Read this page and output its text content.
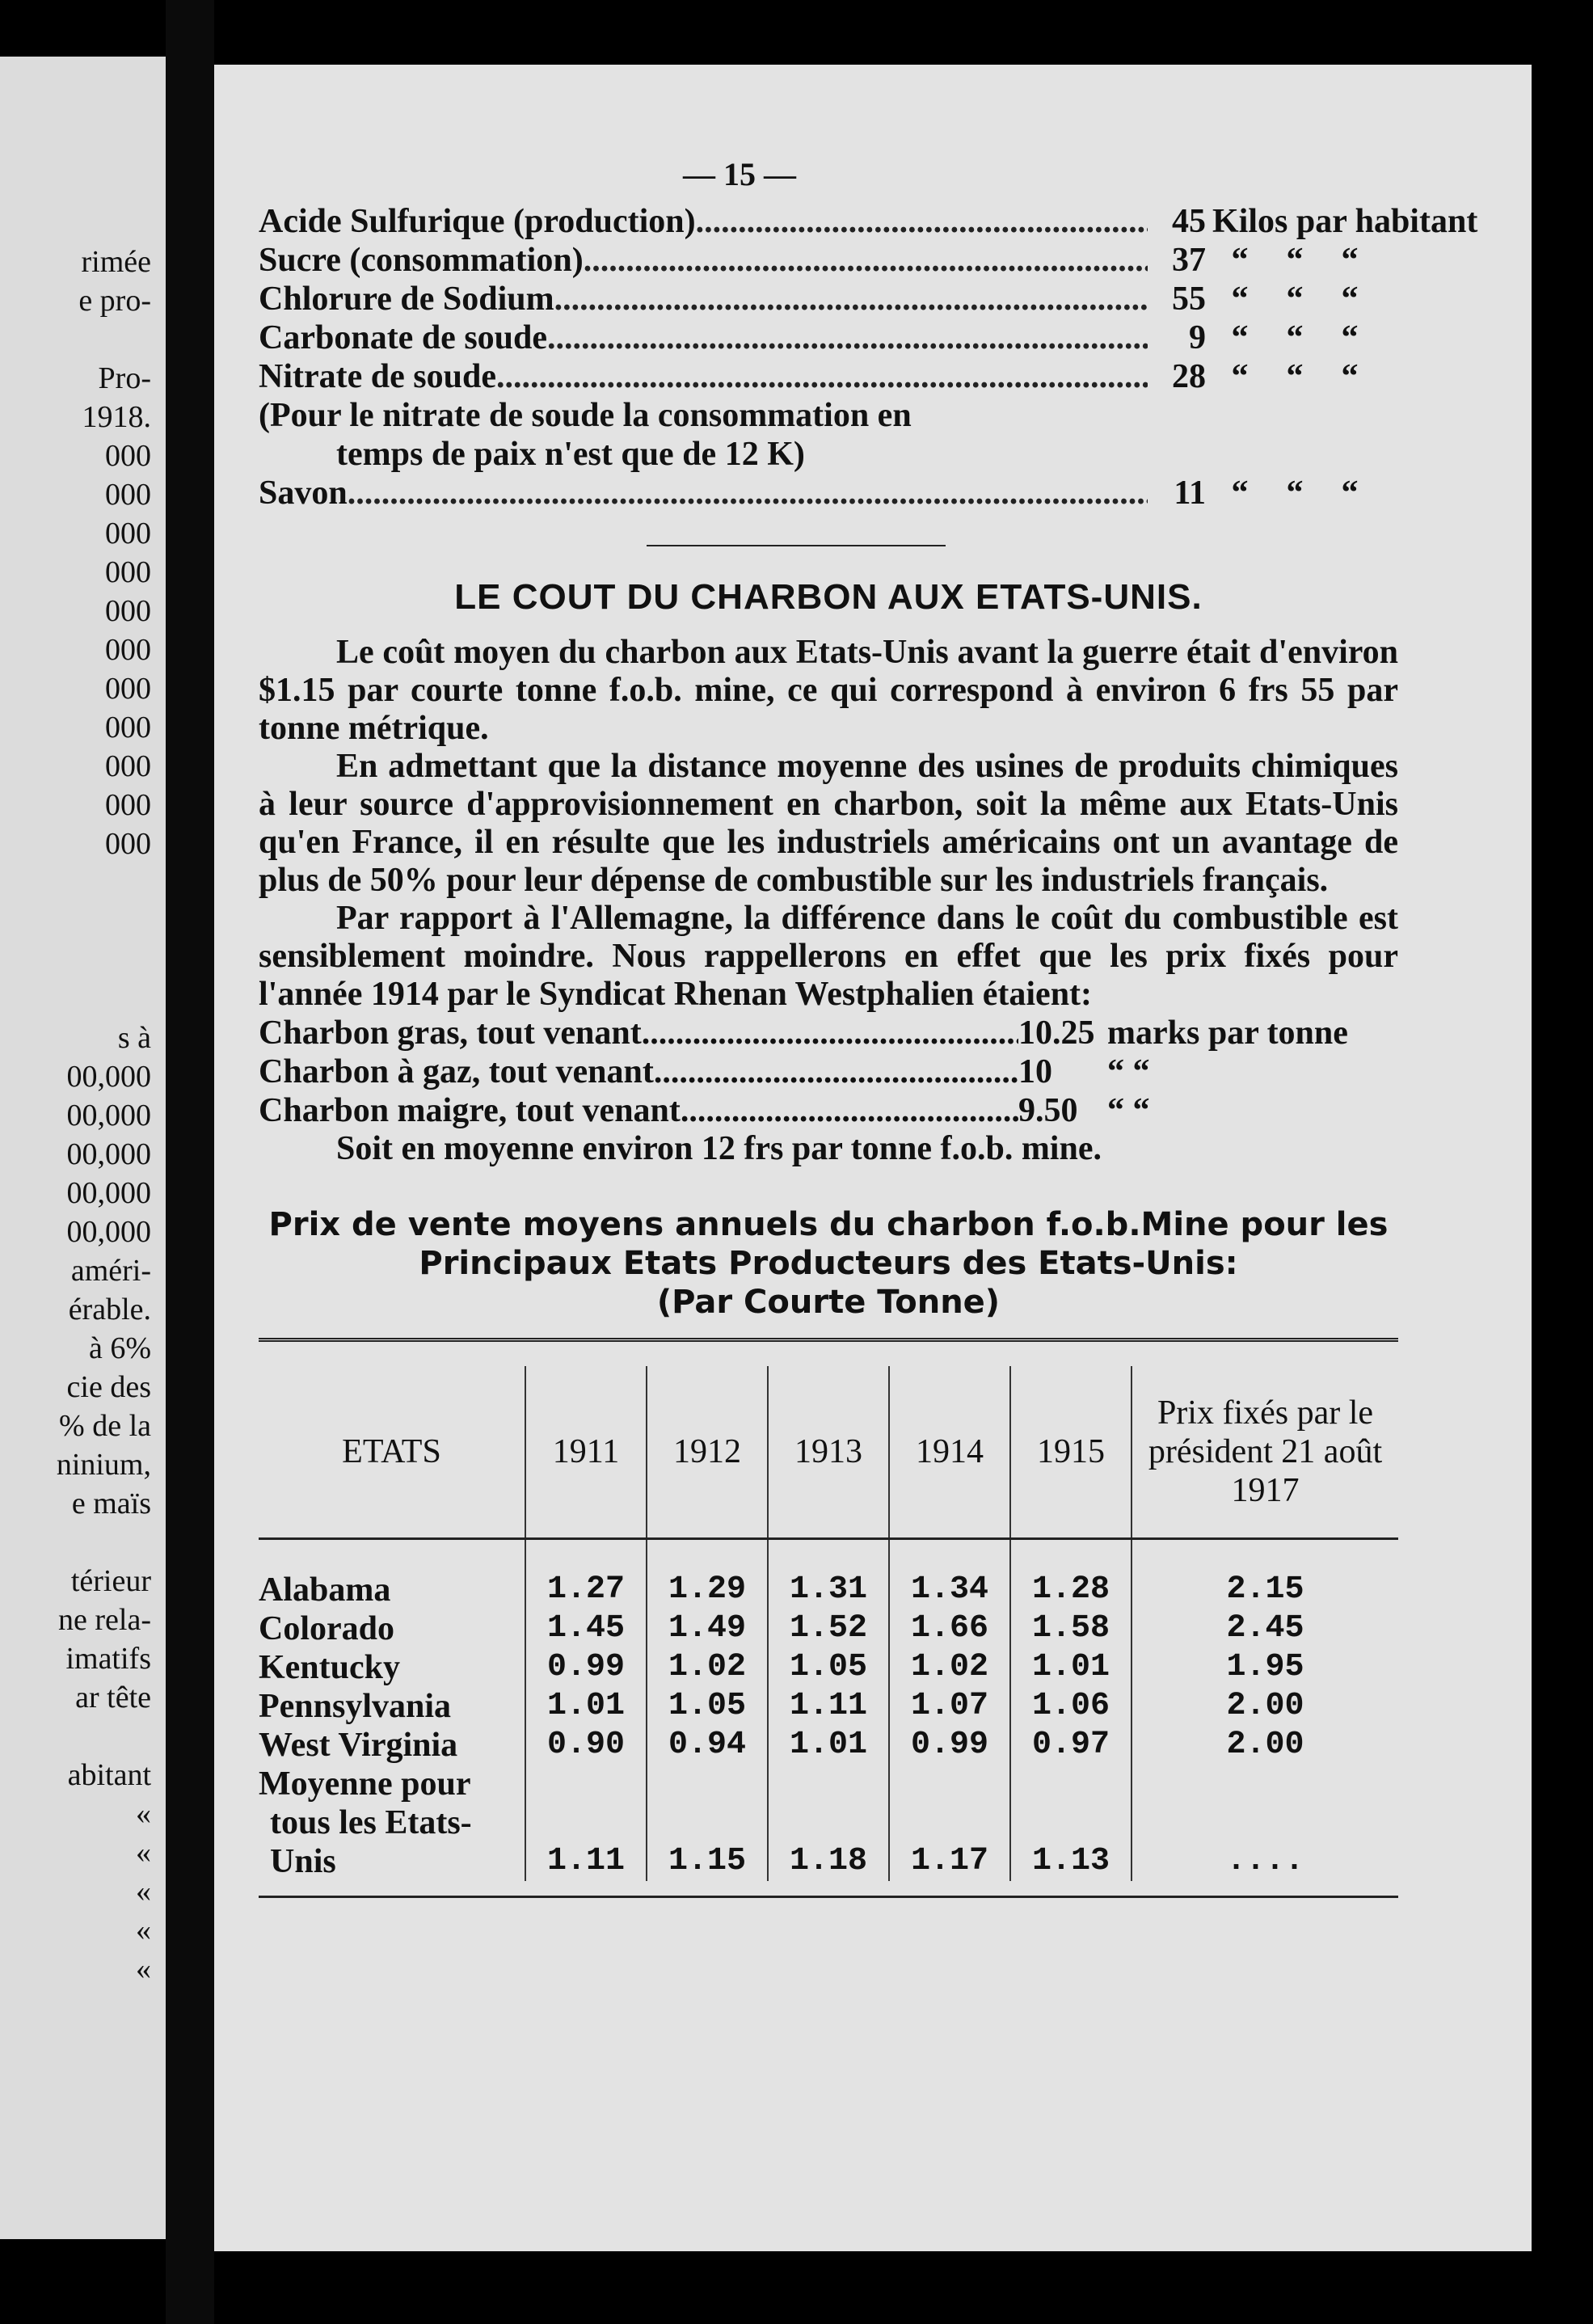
rimée
e pro-

Pro-
1918.
000
000
000
000
000
000
000
000
000
000
000

s à
00,000
00,000
00,000
00,000
00,000
améri-
érable.
à 6%
cie des
% de la
ninium,
e maïs

térieur
ne rela-
imatifs
ar tête

abitant
«
«
«
«
«
— 15 —
Acide Sulfurique (production) .....	45 Kilos par habitant
Sucre (consommation) .....	37 “ “ “
Chlorure de Sodium .....	55 “ “ “
Carbonate de soude .....	9 “ “ “
Nitrate de soude .....	28 “ “ “
(Pour le nitrate de soude la consommation en
temps de paix n'est que de 12 K)
Savon .....	11 “ “ “
LE COUT DU CHARBON AUX ETATS-UNIS.

Le coût moyen du charbon aux Etats-Unis avant la guerre était d'environ $1.15 par courte tonne f.o.b. mine, ce qui correspond à environ 6 frs 55 par tonne métrique.

En admettant que la distance moyenne des usines de produits chimiques à leur source d'approvisionnement en charbon, soit la même aux Etats-Unis qu'en France, il en résulte que les industriels américains ont un avantage de plus de 50% pour leur dépense de combustible sur les industriels français.

Par rapport à l'Allemagne, la différence dans le coût du combustible est sensiblement moindre. Nous rappellerons en effet que les prix fixés pour l'année 1914 par le Syndicat Rhenan Westphalien étaient:

Charbon gras, tout venant .....	10.25 marks par tonne
Charbon à gaz, tout venant .....	10	“ “
Charbon maigre, tout venant .....	9.50 “ “

Soit en moyenne environ 12 frs par tonne f.o.b. mine.

Prix de vente moyens annuels du charbon f.o.b.Mine pour les
Principaux Etats Producteurs des Etats-Unis:
(Par Courte Tonne)
ETATS	1911	1912	1913	1914	1915	Prix fixés par le président 21 août 1917

Alabama	1.27	1.29	1.31	1.34	1.28	2.15
Colorado	1.45	1.49	1.52	1.66	1.58	2.45
Kentucky	0.99	1.02	1.05	1.02	1.01	1.95
Pennsylvania	1.01	1.05	1.11	1.07	1.06	2.00
West Virginia	0.90	0.94	1.01	0.99	0.97	2.00

Moyenne pour
tous les Etats-
Unis	1.11	1.15	1.18	1.17	1.13	....
